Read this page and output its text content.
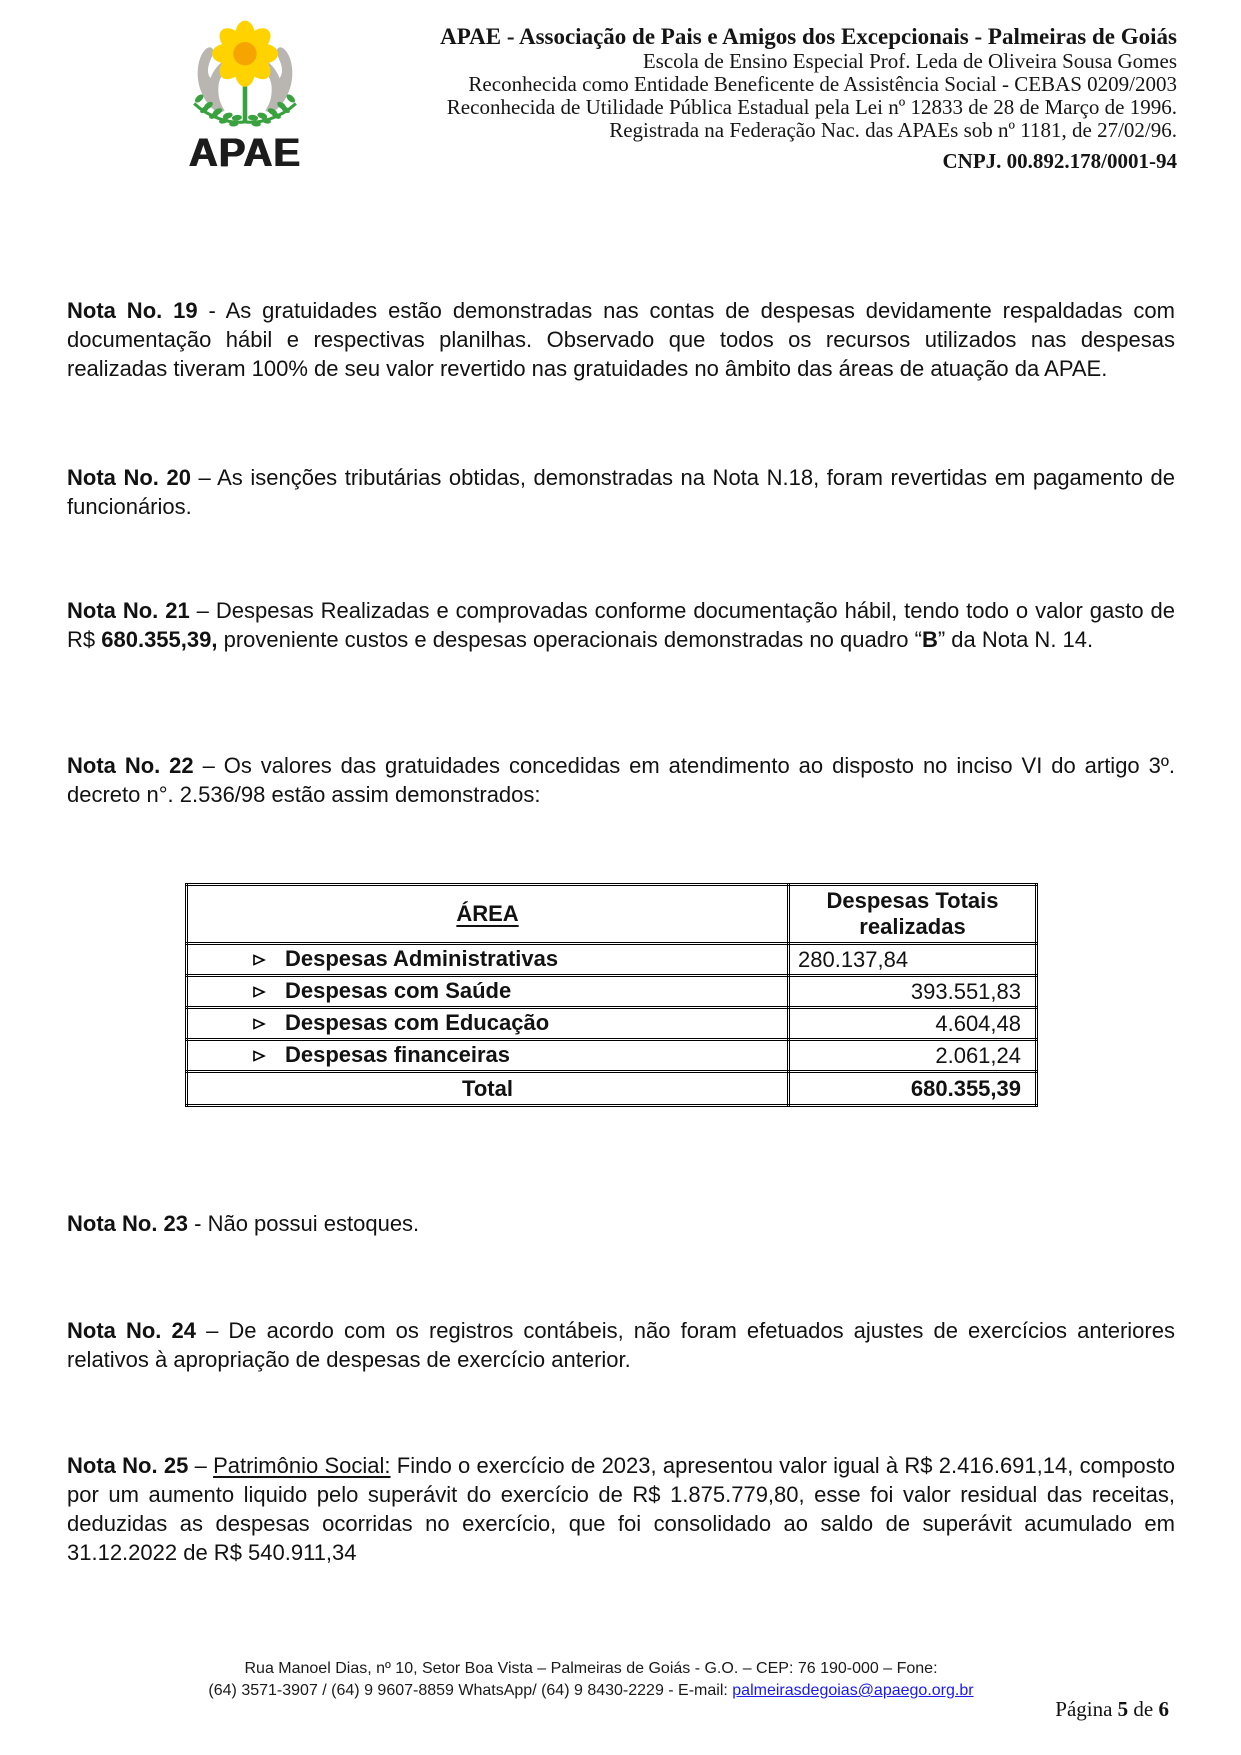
APAE
APAE - Associação de Pais e Amigos dos Excepcionais - Palmeiras de Goiás
Escola de Ensino Especial Prof. Leda de Oliveira Sousa Gomes
Reconhecida como Entidade Beneficente de Assistência Social - CEBAS 0209/2003
Reconhecida de Utilidade Pública Estadual pela Lei nº 12833 de 28 de Março de 1996.
Registrada na Federação Nac. das APAEs sob nº 1181, de 27/02/96.
CNPJ. 00.892.178/0001-94

Nota No. 19 - As gratuidades estão demonstradas nas contas de despesas devidamente respaldadas com documentação hábil e respectivas planilhas. Observado que todos os recursos utilizados nas despesas realizadas tiveram 100% de seu valor revertido nas gratuidades no âmbito das áreas de atuação da APAE.

Nota No. 20 – As isenções tributárias obtidas, demonstradas na Nota N.18, foram revertidas em pagamento de funcionários.

Nota No. 21 – Despesas Realizadas e comprovadas conforme documentação hábil, tendo todo o valor gasto de R$ 680.355,39, proveniente custos e despesas operacionais demonstradas no quadro “B” da Nota N. 14.

Nota No. 22 – Os valores das gratuidades concedidas em atendimento ao disposto no inciso VI do artigo 3º. decreto n°. 2.536/98 estão assim demonstrados:

Nota No. 23 - Não possui estoques.

Nota No. 24 – De acordo com os registros contábeis, não foram efetuados ajustes de exercícios anteriores relativos à apropriação de despesas de exercício anterior.

Nota No. 25 – Patrimônio Social: Findo o exercício de 2023, apresentou valor igual à R$ 2.416.691,14, composto por um aumento liquido pelo superávit do exercício de R$ 1.875.779,80, esse foi valor residual das receitas, deduzidas as despesas ocorridas no exercício, que foi consolidado ao saldo de superávit acumulado em 31.12.2022 de R$ 540.911,34

ÁREA	Despesas Totais realizadas
Despesas Administrativas	280.137,84
Despesas com Saúde	393.551,83
Despesas com Educação	4.604,48
Despesas financeiras	2.061,24
Total	680.355,39
Rua Manoel Dias, nº 10, Setor Boa Vista – Palmeiras de Goiás - G.O. – CEP: 76 190-000 – Fone:
(64) 3571-3907 / (64) 9 9607-8859 WhatsApp/ (64) 9 8430-2229 - E-mail: palmeirasdegoias@apaego.org.br
Página 5 de 6
